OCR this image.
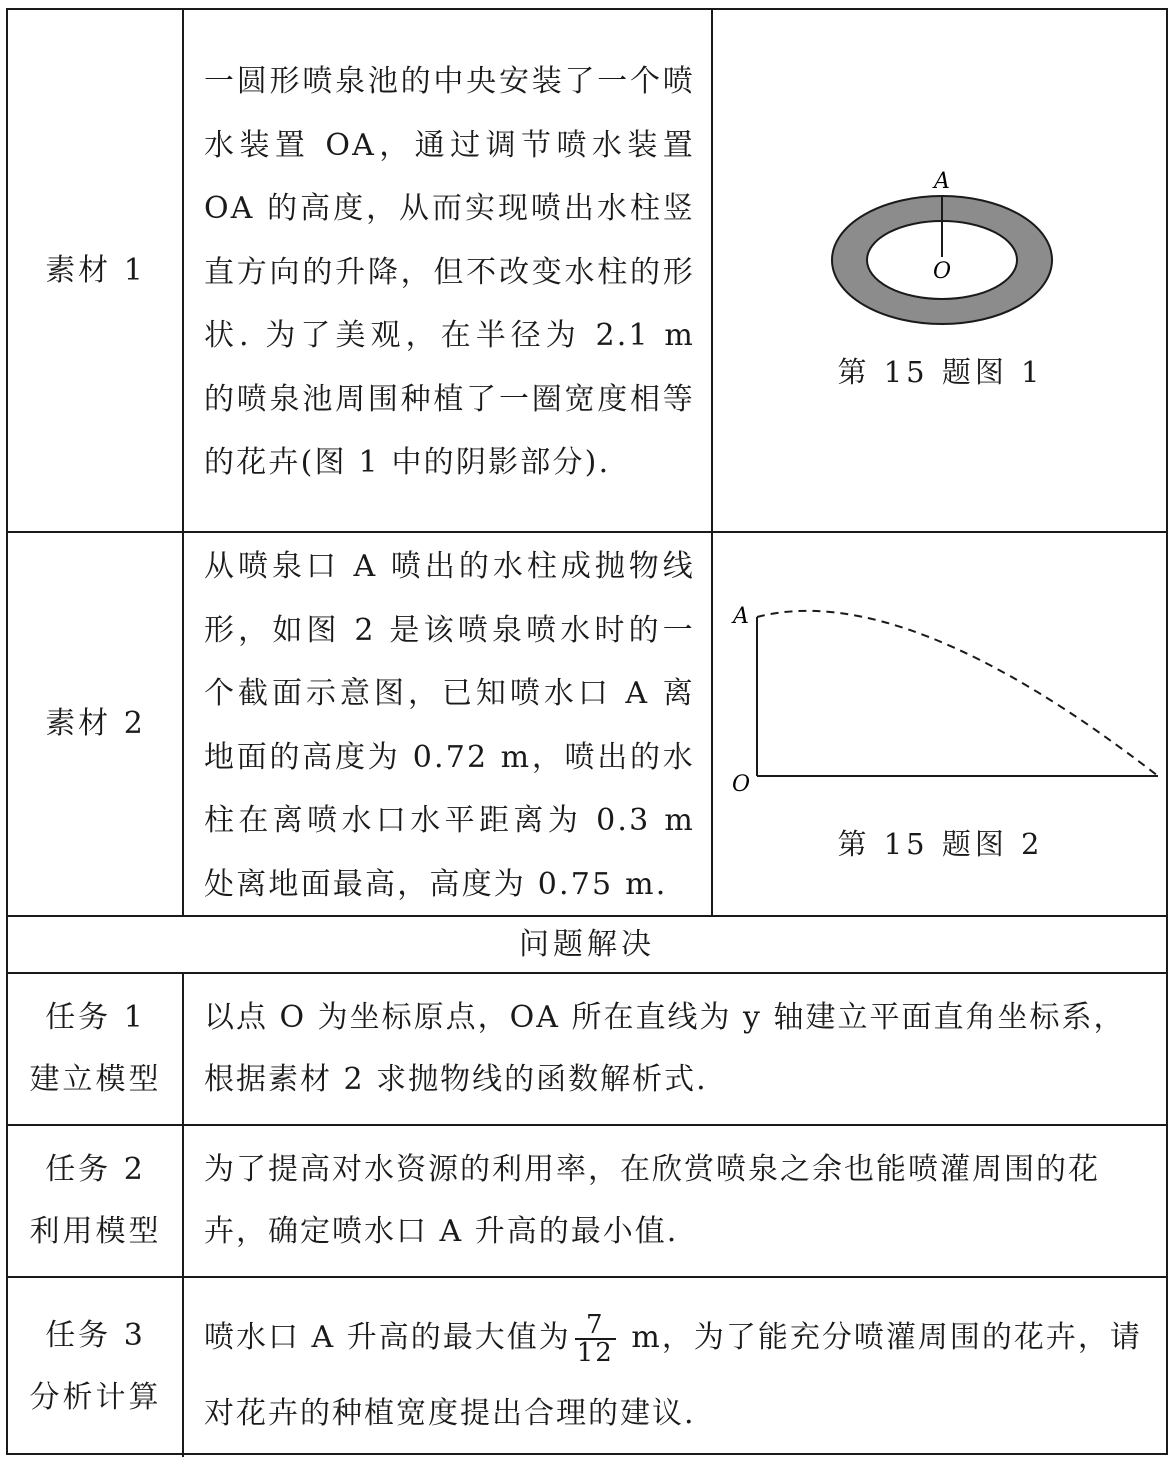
素材 1
一圆形喷泉池的中央安装了一个喷水装置 OA，通过调节喷水装置 OA 的高度，从而实现喷出水柱竖直方向的升降，但不改变水柱的形状. 为了美观，在半径为 2.1 m 的喷泉池周围种植了一圈宽度相等的花卉(图 1 中的阴影部分).
A
O
第 15 题图 1
素材 2
从喷泉口 A 喷出的水柱成抛物线形，如图 2 是该喷泉喷水时的一个截面示意图，已知喷水口 A 离地面的高度为 0.72 m，喷出的水柱在离喷水口水平距离为 0.3 m 处离地面最高，高度为 0.75 m.
A
O
第 15 题图 2
问题解决
任务 1
建立模型
以点 O 为坐标原点，OA 所在直线为 y 轴建立平面直角坐标系，根据素材 2 求抛物线的函数解析式.
任务 2
利用模型
为了提高对水资源的利用率，在欣赏喷泉之余也能喷灌周围的花卉，确定喷水口 A 升高的最小值.
任务 3
分析计算
喷水口 A 升高的最大值为 $\frac{7}{12}$ m，为了能充分喷灌周围的花卉，请对花卉的种植宽度提出合理的建议.
